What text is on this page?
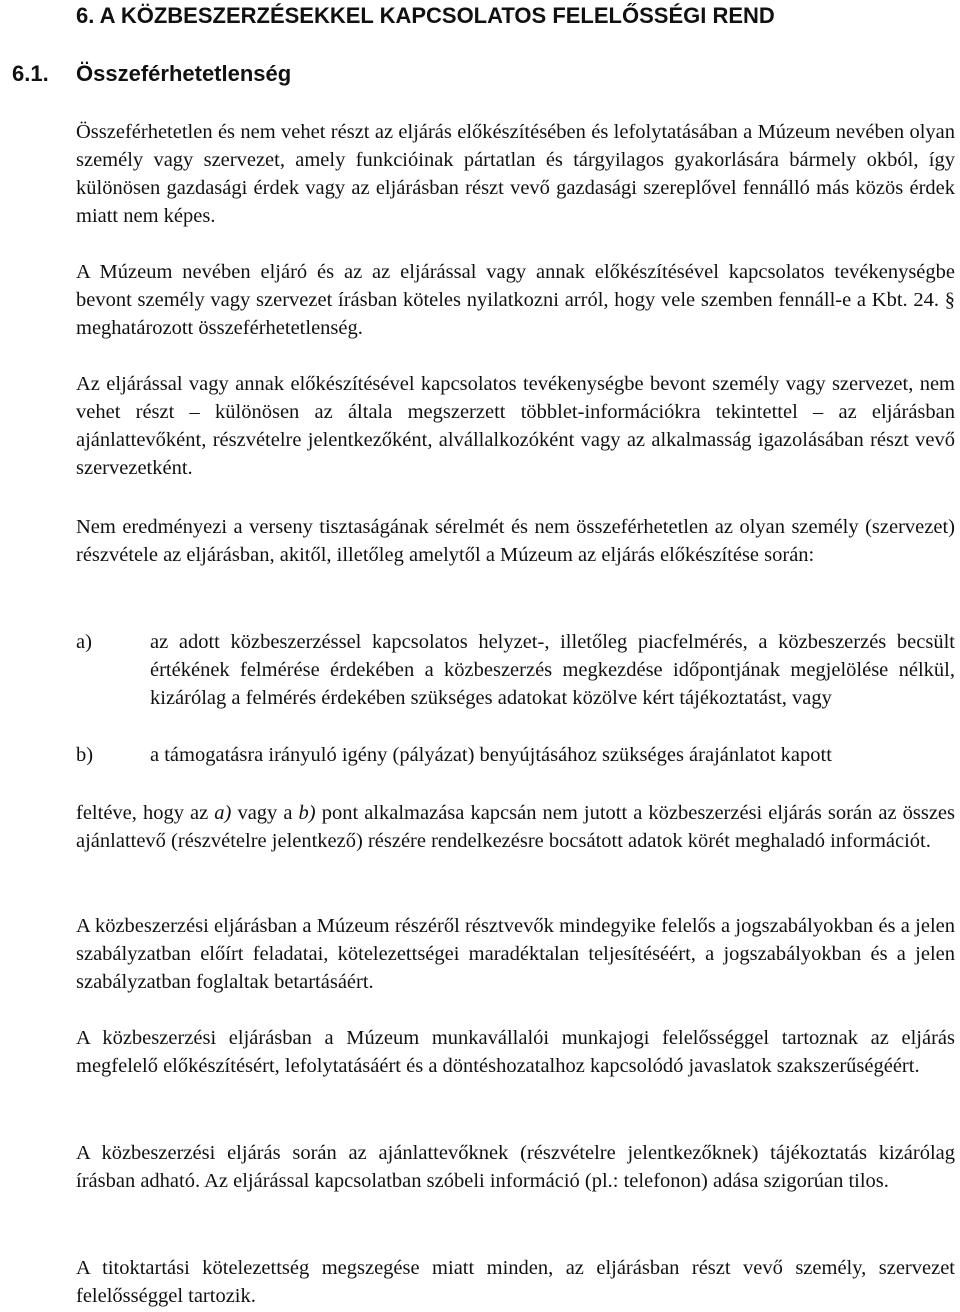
6. A KÖZBESZERZÉSEKKEL KAPCSOLATOS FELELŐSSÉGI REND
6.1. Összeférhetetlenség

Összeférhetetlen és nem vehet részt az eljárás előkészítésében és lefolytatásában a Múzeum nevében olyan személy vagy szervezet, amely funkcióinak pártatlan és tárgyilagos gyakorlására bármely okból, így különösen gazdasági érdek vagy az eljárásban részt vevő gazdasági szereplővel fennálló más közös érdek miatt nem képes.

A Múzeum nevében eljáró és az az eljárással vagy annak előkészítésével kapcsolatos tevékenységbe bevont személy vagy szervezet írásban köteles nyilatkozni arról, hogy vele szemben fennáll-e a Kbt. 24. § meghatározott összeférhetetlenség.

Az eljárással vagy annak előkészítésével kapcsolatos tevékenységbe bevont személy vagy szervezet, nem vehet részt – különösen az általa megszerzett többlet-információkra tekintettel – az eljárásban ajánlattevőként, részvételre jelentkezőként, alvállalkozóként vagy az alkalmasság igazolásában részt vevő szervezetként.

Nem eredményezi a verseny tisztaságának sérelmét és nem összeférhetetlen az olyan személy (szervezet) részvétele az eljárásban, akitől, illetőleg amelytől a Múzeum az eljárás előkészítése során:

a)	az adott közbeszerzéssel kapcsolatos helyzet-, illetőleg piacfelmérés, a közbeszerzés becsült értékének felmérése érdekében a közbeszerzés megkezdése időpontjának megjelölése nélkül, kizárólag a felmérés érdekében szükséges adatokat közölve kért tájékoztatást, vagy
b)	a támogatásra irányuló igény (pályázat) benyújtásához szükséges árajánlatot kapott

feltéve, hogy az a) vagy a b) pont alkalmazása kapcsán nem jutott a közbeszerzési eljárás során az összes ajánlattevő (részvételre jelentkező) részére rendelkezésre bocsátott adatok körét meghaladó információt.

A közbeszerzési eljárásban a Múzeum részéről résztvevők mindegyike felelős a jogszabályokban és a jelen szabályzatban előírt feladatai, kötelezettségei maradéktalan teljesítéséért, a jogszabályokban és a jelen szabályzatban foglaltak betartásáért.

A közbeszerzési eljárásban a Múzeum munkavállalói munkajogi felelősséggel tartoznak az eljárás megfelelő előkészítésért, lefolytatásáért és a döntéshozatalhoz kapcsolódó javaslatok szakszerűségéért.

A közbeszerzési eljárás során az ajánlattevőknek (részvételre jelentkezőknek) tájékoztatás kizárólag írásban adható. Az eljárással kapcsolatban szóbeli információ (pl.: telefonon) adása szigorúan tilos.

A titoktartási kötelezettség megszegése miatt minden, az eljárásban részt vevő személy, szervezet felelősséggel tartozik.
